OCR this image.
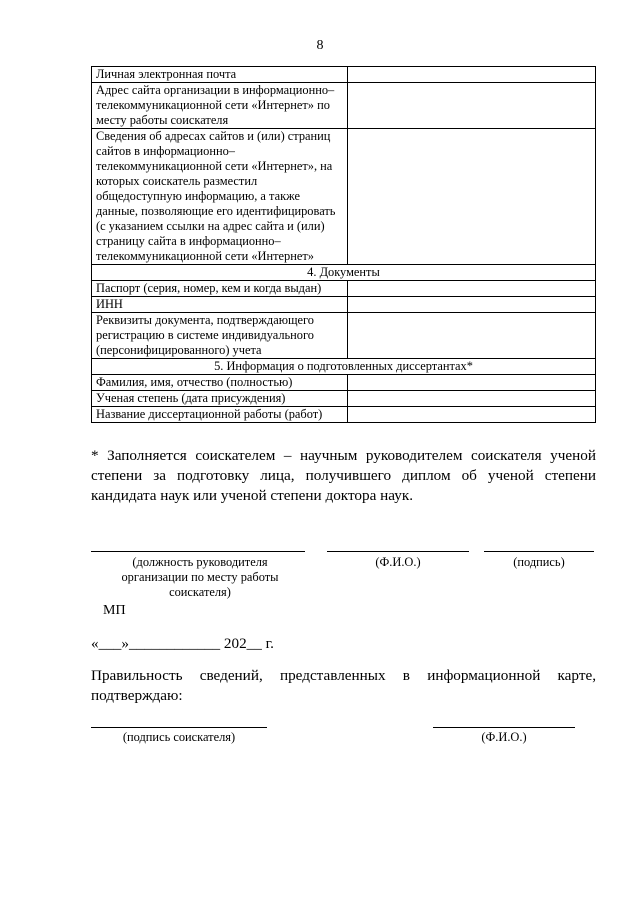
8
Личная электронная почта	
Адрес сайта организации в информационно–телекоммуникационной сети «Интернет» по месту работы соискателя	
Сведения об адресах сайтов и (или) страниц сайтов в информационно–телекоммуникационной сети «Интернет», на которых соискатель разместил общедоступную информацию, а также данные, позволяющие его идентифицировать (с указанием ссылки на адрес сайта и (или) страницу сайта в информационно–телекоммуникационной сети «Интернет»	
4. Документы	
Паспорт (серия, номер, кем и когда выдан)	
ИНН	
Реквизиты документа, подтверждающего регистрацию в системе индивидуального (персонифицированного) учета	
5. Информация о подготовленных диссертантах*	
Фамилия, имя, отчество (полностью)	
Ученая степень (дата присуждения)	
Название диссертационной работы (работ)	
* Заполняется соискателем – научным руководителем соискателя ученой степени за подготовку лица, получившего диплом об ученой степени кандидата наук или ученой степени доктора наук.
(должность руководителя организации по месту работы соискателя)
(Ф.И.О.)	(подпись)
МП
«___»____________ 202__ г.
Правильность сведений, представленных в информационной карте,
подтверждаю:
(подпись соискателя)	(Ф.И.О.)
